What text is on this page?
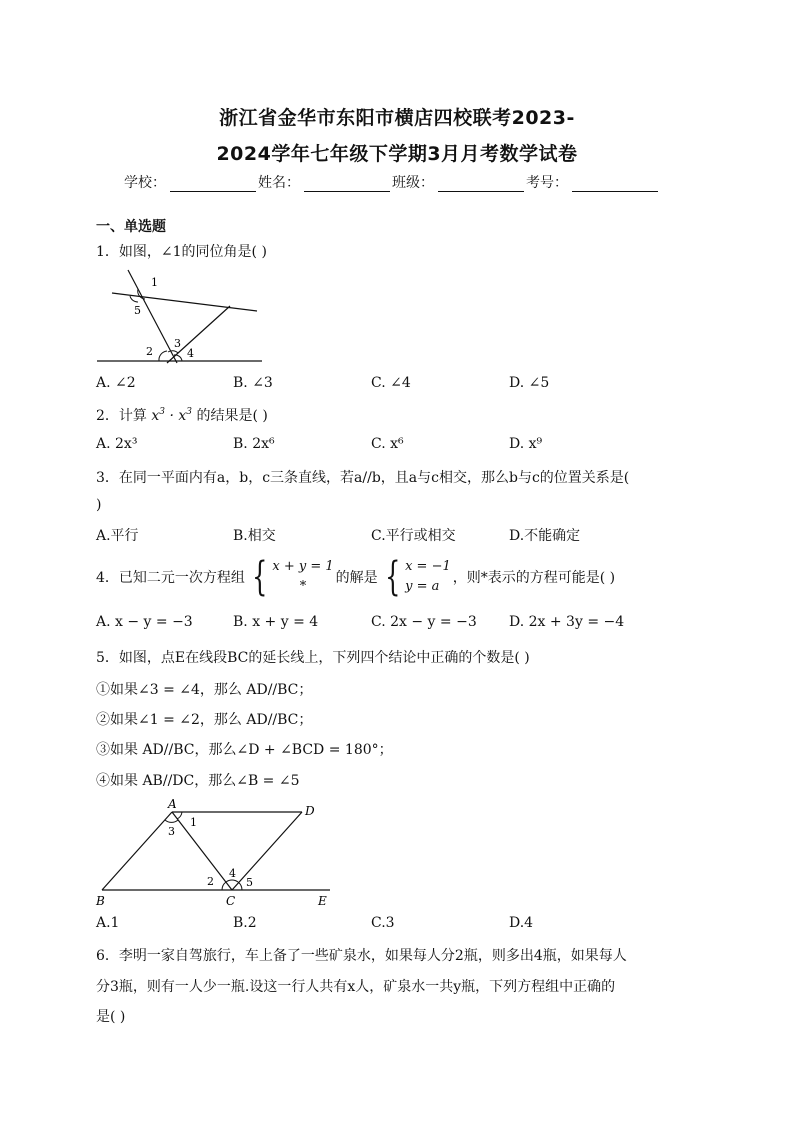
浙江省金华市东阳市横店四校联考2023-
2024学年七年级下学期3月月考数学试卷
学校：	姓名：	班级：	考号：
一、单选题
1．如图，∠1的同位角是( )
1
5
3
2	4
A. ∠2	B. ∠3	C. ∠4	D. ∠5
2．计算 $x^3 \cdot x^3$ 的结果是( )
A. 2x³	B. 2x⁶	C. x⁶	D. x⁹
3．在同一平面内有a，b，c三条直线，若a//b，且a与c相交，那么b与c的位置关系是(
)
A.平行	B.相交	C.平行或相交	D.不能确定
4．已知二元一次方程组 { x + y = 1
*
的解是 { x = −1
y = a
，则*表示的方程可能是( )
A. x − y = −3	B. x + y = 4	C. 2x − y = −3 D. 2x + 3y = −4
5．如图，点E在线段BC的延长线上，下列四个结论中正确的个数是( )
①如果∠3 = ∠4，那么 AD//BC；
②如果∠1 = ∠2，那么 AD//BC；
③如果 AD//BC，那么∠D + ∠BCD = 180°；
④如果 AB//DC，那么∠B = ∠5
A	D
1
3
4
2	5
B	C	E
A.1	B.2	C.3	D.4
6．李明一家自驾旅行，车上备了一些矿泉水，如果每人分2瓶，则多出4瓶，如果每人
分3瓶，则有一人少一瓶.设这一行人共有x人，矿泉水一共y瓶，下列方程组中正确的
是( )
